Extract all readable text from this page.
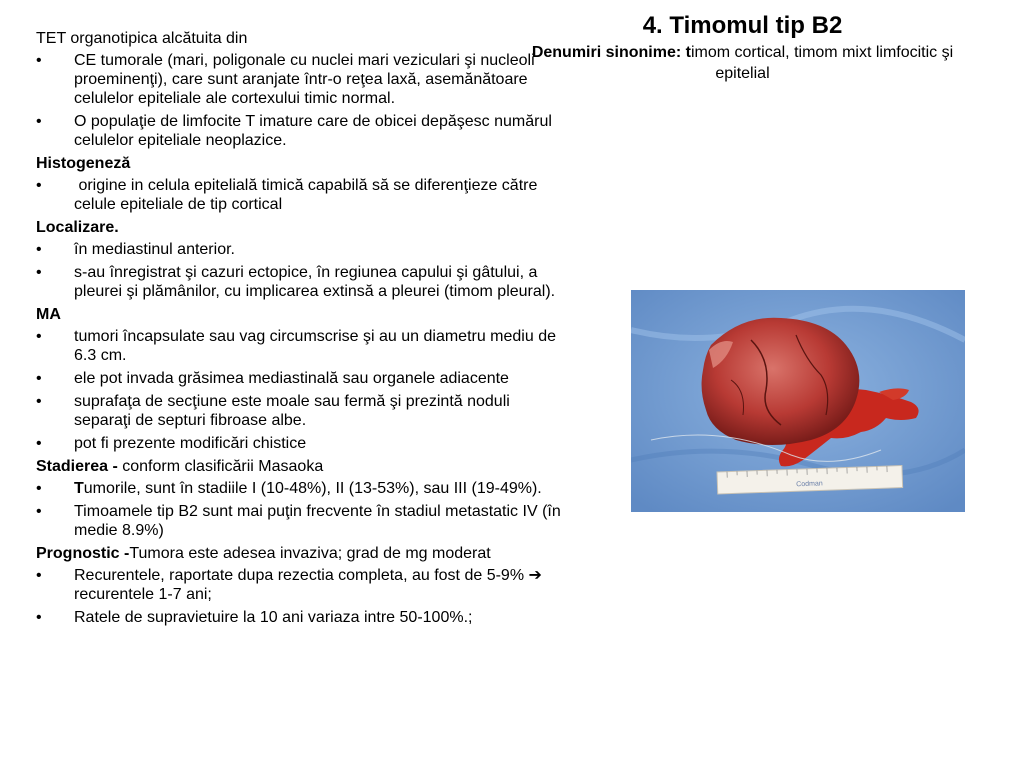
4. Timomul tip B2
Denumiri sinonime: timom cortical, timom mixt limfocitic şi epitelial
TET organotipica alcătuita din
•	CE tumorale (mari, poligonale cu nuclei mari veziculari şi nucleoli proeminenţi), care sunt aranjate într-o reţea laxă, asemănătoare celulelor epiteliale ale cortexului timic normal.
•	O populaţie de limfocite T imature care de obicei depăşesc numărul celulelor epiteliale neoplazice.
Histogeneză
•	origine in celula epitelială timică capabilă să se diferenţieze către celule epiteliale de tip cortical
Localizare.
•	în mediastinul anterior.
•	s-au înregistrat şi cazuri ectopice, în regiunea capului şi gâtului, a pleurei şi plămânilor, cu implicarea extinsă a pleurei (timom pleural).
MA
•	tumori încapsulate sau vag circumscrise şi au un diametru mediu de 6.3 cm.
•	ele pot invada grăsimea mediastinală sau organele adiacente
•	suprafaţa de secţiune este moale sau fermă şi prezintă noduli separaţi de septuri fibroase albe.
•	pot fi prezente modificări chistice
Stadierea - conform clasificării Masaoka
•	Tumorile, sunt în stadiile I (10-48%), II (13-53%), sau III (19-49%).
•	Timoamele tip B2 sunt mai puţin frecvente în stadiul metastatic IV (în medie 8.9%)
Prognostic -Tumora este adesea invaziva; grad de mg moderat
•	Recurentele, raportate dupa rezectia completa, au fost de 5-9% ➔ recurentele 1-7 ani;
•	Ratele de supravietuire la 10 ani variaza intre 50-100%.;
Codman
